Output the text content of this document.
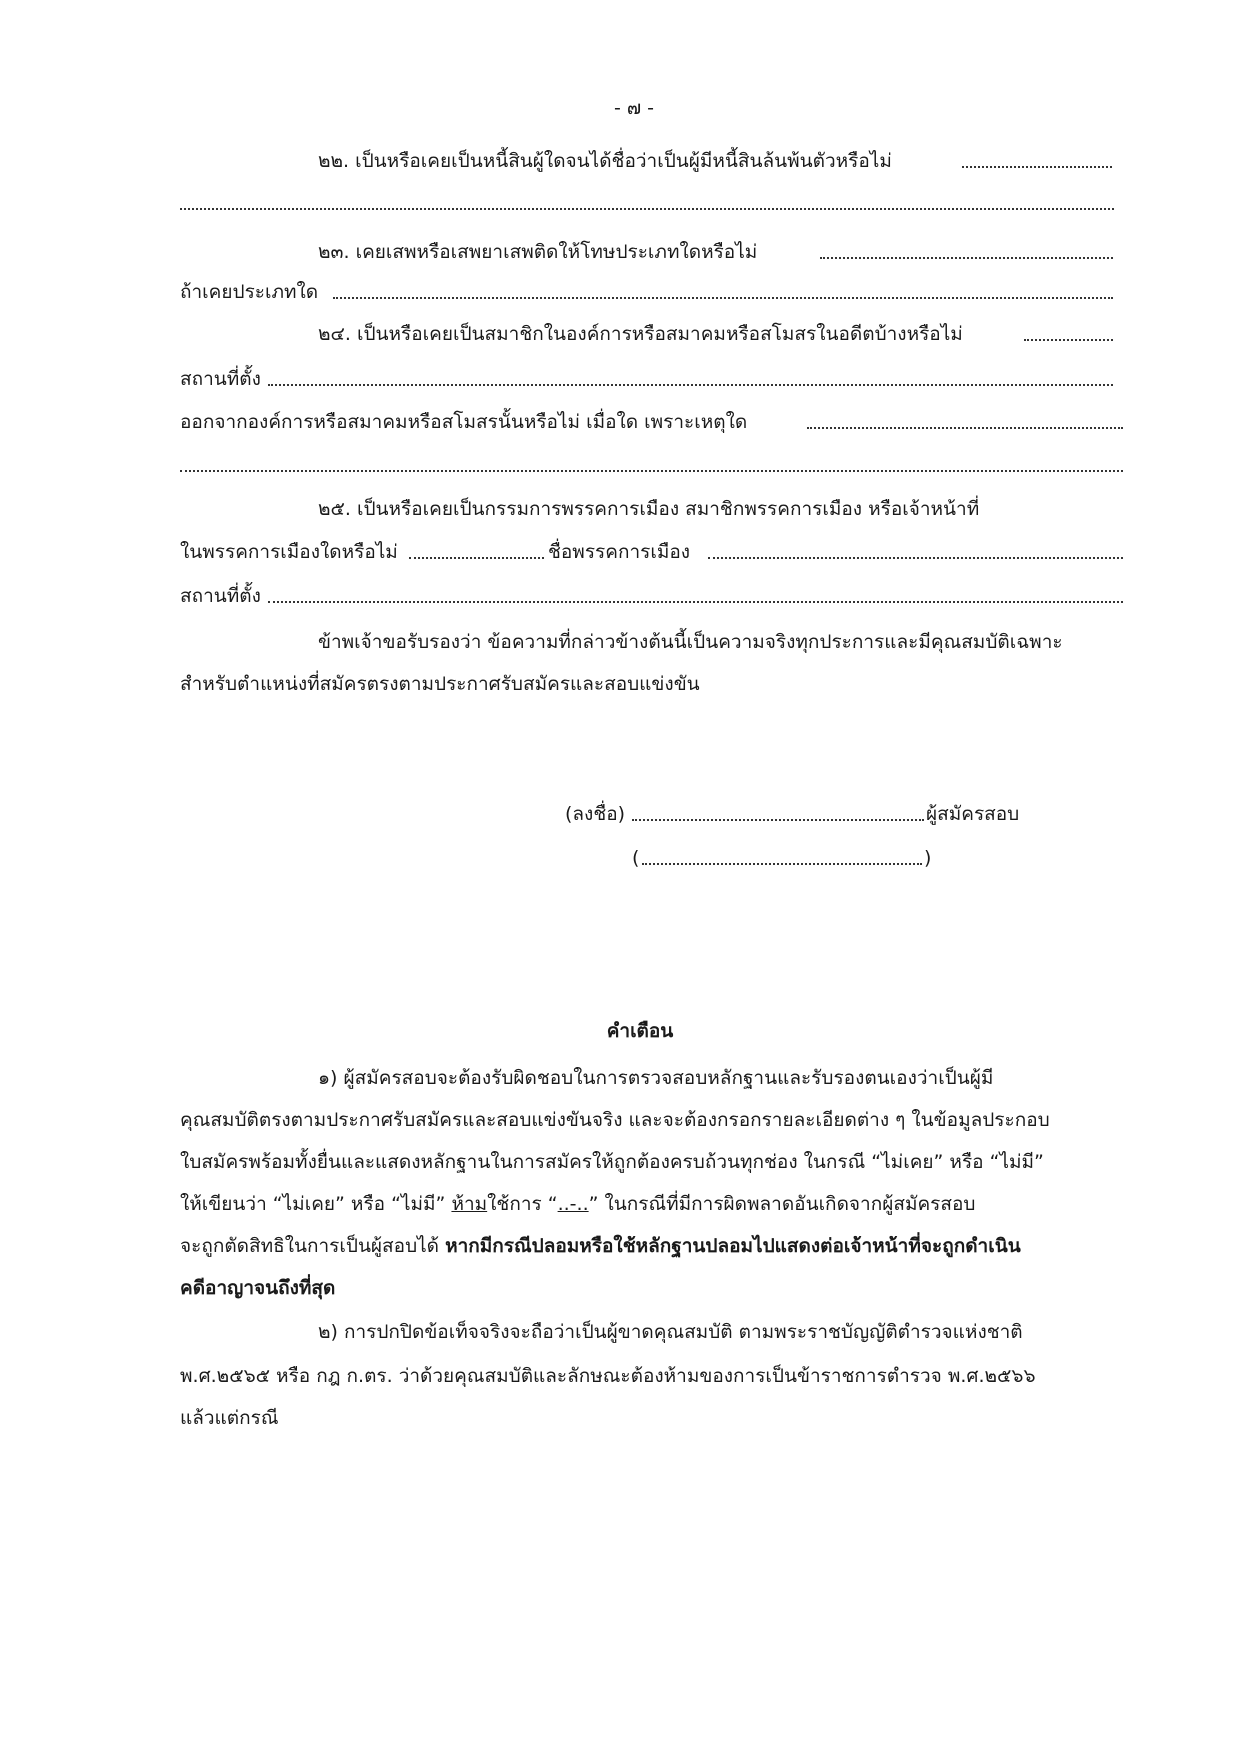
- ๗ -
๒๒. เป็นหรือเคยเป็นหนี้สินผู้ใดจนได้ชื่อว่าเป็นผู้มีหนี้สินล้นพ้นตัวหรือไม่
๒๓. เคยเสพหรือเสพยาเสพติดให้โทษประเภทใดหรือไม่
ถ้าเคยประเภทใด
๒๔. เป็นหรือเคยเป็นสมาชิกในองค์การหรือสมาคมหรือสโมสรในอดีตบ้างหรือไม่
สถานที่ตั้ง
ออกจากองค์การหรือสมาคมหรือสโมสรนั้นหรือไม่ เมื่อใด เพราะเหตุใด
๒๕. เป็นหรือเคยเป็นกรรมการพรรคการเมือง สมาชิกพรรคการเมือง หรือเจ้าหน้าที่
ในพรรคการเมืองใดหรือไม่	ชื่อพรรคการเมือง
สถานที่ตั้ง
ข้าพเจ้าขอรับรองว่า ข้อความที่กล่าวข้างต้นนี้เป็นความจริงทุกประการและมีคุณสมบัติเฉพาะ
สำหรับตำแหน่งที่สมัครตรงตามประกาศรับสมัครและสอบแข่งขัน
(ลงชื่อ)	ผู้สมัครสอบ
(	)
คำเตือน
๑) ผู้สมัครสอบจะต้องรับผิดชอบในการตรวจสอบหลักฐานและรับรองตนเองว่าเป็นผู้มี
คุณสมบัติตรงตามประกาศรับสมัครและสอบแข่งขันจริง และจะต้องกรอกรายละเอียดต่าง ๆ ในข้อมูลประกอบ
ใบสมัครพร้อมทั้งยื่นและแสดงหลักฐานในการสมัครให้ถูกต้องครบถ้วนทุกช่อง ในกรณี “ไม่เคย” หรือ “ไม่มี”
ให้เขียนว่า “ไม่เคย” หรือ “ไม่มี” ห้ามใช้การ “..-..” ในกรณีที่มีการผิดพลาดอันเกิดจากผู้สมัครสอบ
จะถูกตัดสิทธิในการเป็นผู้สอบได้ หากมีกรณีปลอมหรือใช้หลักฐานปลอมไปแสดงต่อเจ้าหน้าที่จะถูกดำเนิน
คดีอาญาจนถึงที่สุด
๒) การปกปิดข้อเท็จจริงจะถือว่าเป็นผู้ขาดคุณสมบัติ ตามพระราชบัญญัติตำรวจแห่งชาติ
พ.ศ.๒๕๖๕ หรือ กฎ ก.ตร. ว่าด้วยคุณสมบัติและลักษณะต้องห้ามของการเป็นข้าราชการตำรวจ พ.ศ.๒๕๖๖
แล้วแต่กรณี
